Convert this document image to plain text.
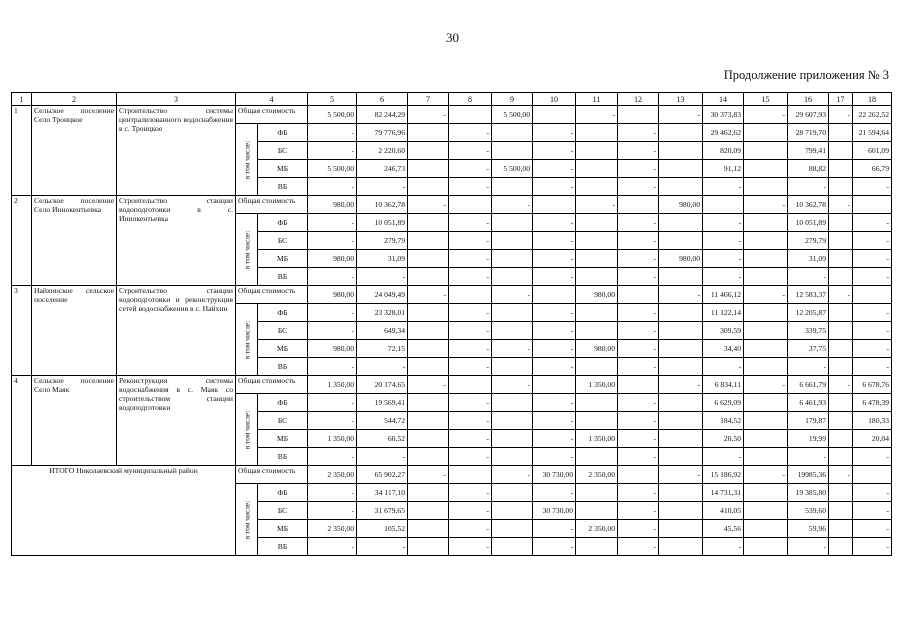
30
Продолжение приложения № 3
1	2	3	4		5	6	7	8	9	10	11	12	13	14	15	16	17	18
1	Сельское поселение Село Троицкое	Строительство системы централизованного водоснабжения в с. Троицкое	Общая стоимость		5 500,00	82 244,29	-		5 500,00		-		-	30 373,83	-	29 607,93	-	22 262,52

			в том числе:	ФБ	-	79 776,96		-		-		-		29 462,62		28 719,70		21 594,64
				БС	-	2 220,60		-		-		-		820,09		799,41		601,09
				МБ	5 500,00	246,73		-	5 500,00	-		-		91,12		88,82		66,79
				ВБ	-	-		-		-		-		-		-		-
2	Сельское поселение Село Иннокентьевка	Строительство станции водоподготовки в с. Иннокентьевка	Общая стоимость		980,00	10 362,78	-		-		-		980,00		-	10 362,78	-	

			в том числе:	ФБ	-	10 051,89		-		-		-		-		10 051,89		-
				БС	-	279,79		-		-		-		-		279,79		-
				МБ	980,00	31,09		-		-		-	980,00	-		31,09		-
				ВБ	-	-		-		-		-		-		-		-
3	Найхинское сельское поселение	Строительство станции водоподготовки и реконструкция сетей водоснабжения в с. Найхин	Общая стоимость		980,00	24 049,49	-		-		980,00		-	11 466,12	-	12 583,37	-	

			в том числе:	ФБ	-	23 328,01		-		-		-		11 122,14		12 205,87		-
				БС	-	649,34		-		-		-		309,59		339,75		-
				МБ	980,00	72,15		-	-	-	980,00	-		34,40		37,75		-
				ВБ	-	-		-		-		-		-		-		-
4	Сельское поселение Село Маяк	Реконструкция системы водоснабжения в с. Маяк со строительством станции водоподготовки	Общая стоимость		1 350,00	20 174,65	-		-		1 350,00		-	6 834,11	-	6 661,79	-	6 678,76

			в том числе:	ФБ	-	19 569,41		-		-		-		6 629,09		6 461,93		6 478,39
				БС	-	544,72		-		-		-		184,52		179,87		180,33
				МБ	1 350,00	60,52		-		-	1 350,00	-		20,50		19,99		20,04
				ВБ	-	-		-		-		-		-		-		-
ИТОГО Николаевский муниципальный район			Общая стоимость		2 350,00	65 902,27	-		-	30 730,00	2 350,00		-	15 186,92	-	19985,36	-	

			в том числе:	ФБ	-	34 117,10		-		-		-		14 731,31		19 385,80		-
				БС	-	31 679,65		-		30 730,00		-		410,05		539,60		-
				МБ	2 350,00	105,52		-		-	2 350,00	-		45,56		59,96		-
				ВБ	-	-		-		-		-		-		-		-
